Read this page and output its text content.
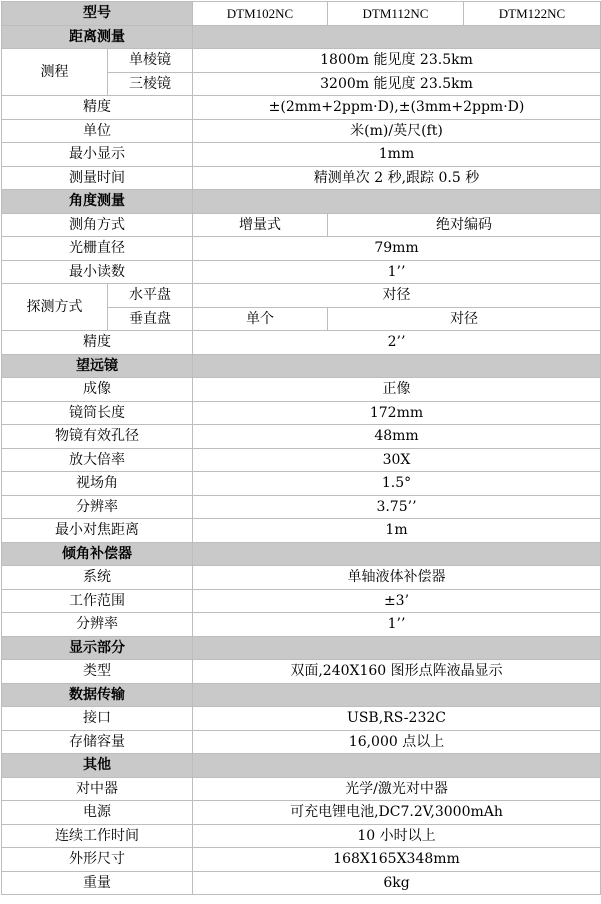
型号		DTM102NC	DTM112NC	DTM122NC
距离测量				
测程	单棱镜	1800m 能见度 23.5km		
	三棱镜	3200m 能见度 23.5km		
精度		±(2mm+2ppm·D),±(3mm+2ppm·D)		
单位		米(m)/英尺(ft)		
最小显示		1mm		
测量时间		精测单次 2 秒,跟踪 0.5 秒		
角度测量				
测角方式		增量式	绝对编码	
光栅直径		79mm		
最小读数		1’’		
探测方式	水平盘	对径		
	垂直盘	单个	对径	
精度		2’’		
望远镜				
成像		正像		
镜筒长度		172mm		
物镜有效孔径		48mm		
放大倍率		30X		
视场角		1.5°		
分辨率		3.75’’		
最小对焦距离		1m		
倾角补偿器				
系统		单轴液体补偿器		
工作范围		±3’		
分辨率		1’’		
显示部分				
类型		双面,240X160 图形点阵液晶显示		
数据传输				
接口		USB,RS-232C		
存储容量		16,000 点以上		
其他				
对中器		光学/激光对中器		
电源		可充电锂电池,DC7.2V,3000mAh		
连续工作时间		10 小时以上		
外形尺寸		168X165X348mm		
重量		6kg		
